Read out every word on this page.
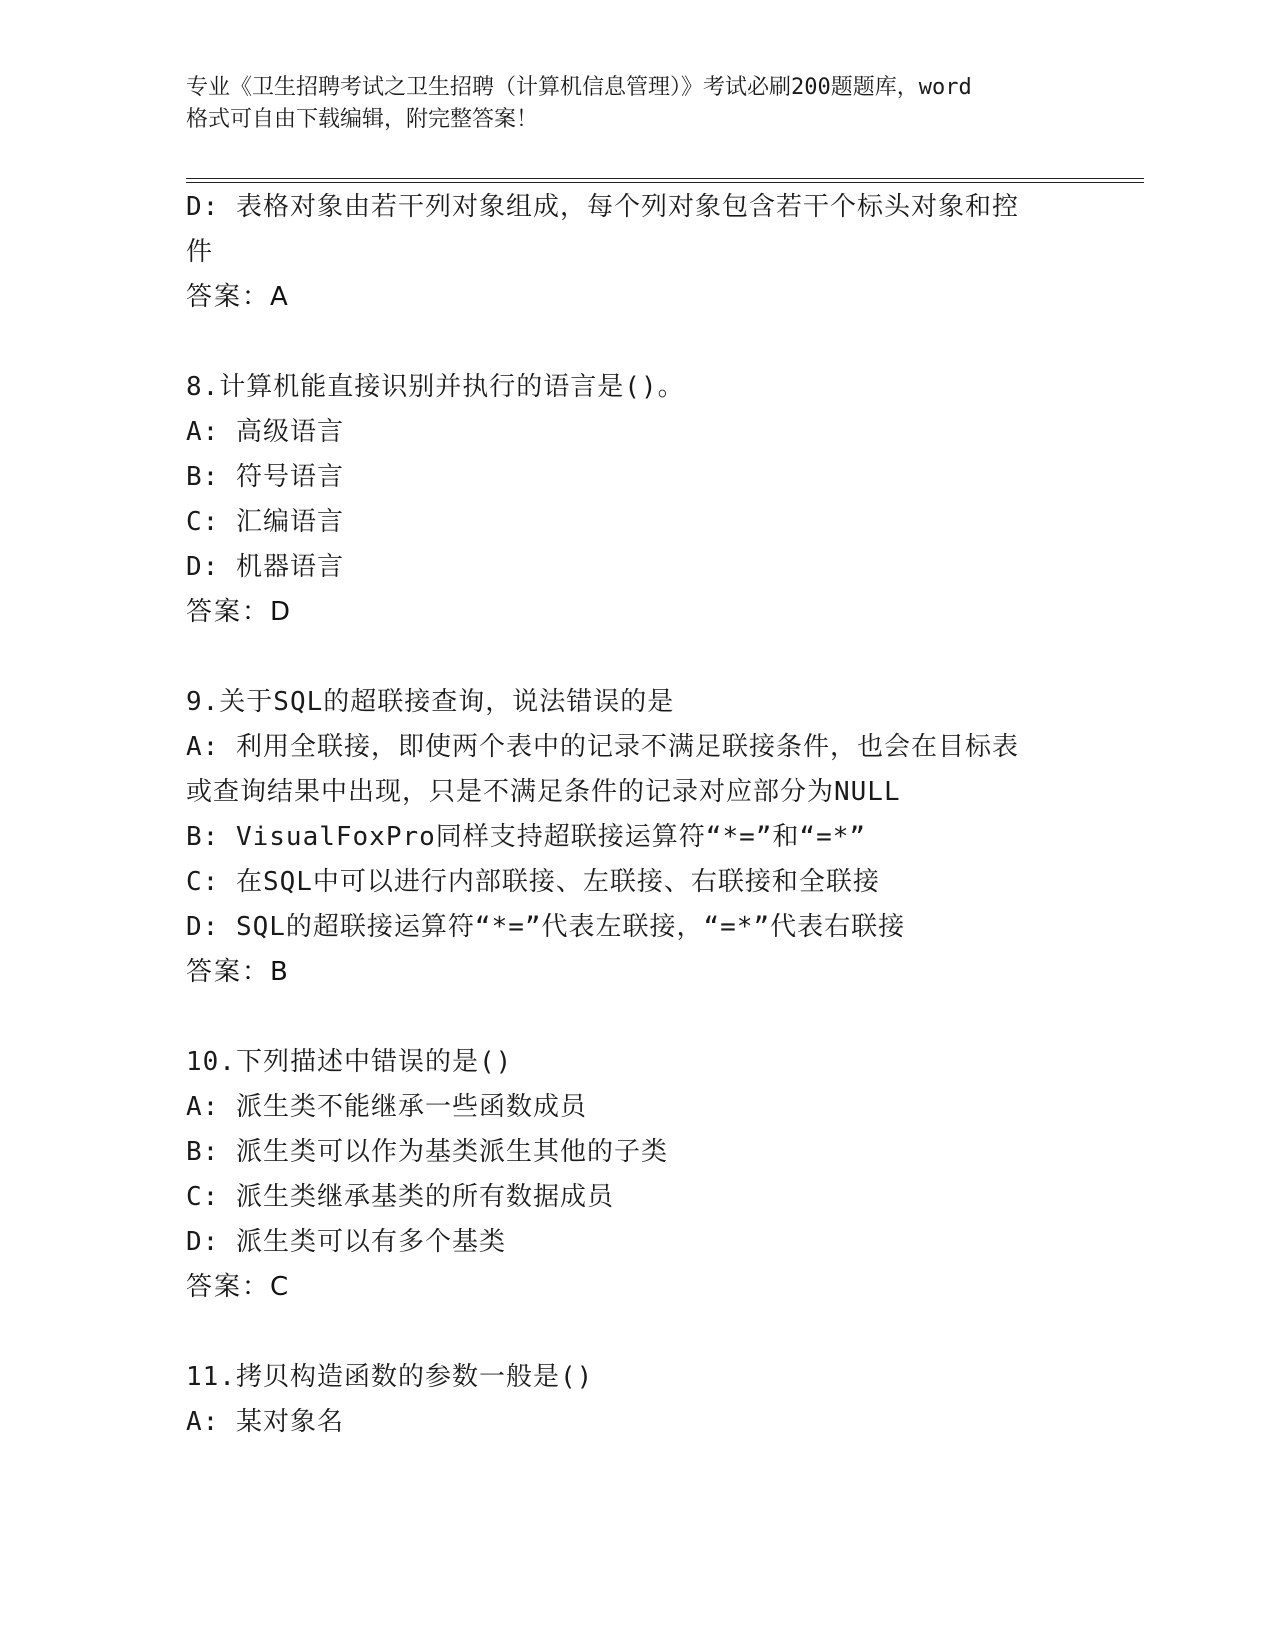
专业《卫生招聘考试之卫生招聘（计算机信息管理）》考试必刷200题题库，word
格式可自由下载编辑，附完整答案！
D: 表格对象由若干列对象组成，每个列对象包含若干个标头对象和控
件
答案：A
8.计算机能直接识别并执行的语言是()。
A: 高级语言
B: 符号语言
C: 汇编语言
D: 机器语言
答案：D
9.关于SQL的超联接查询，说法错误的是
A: 利用全联接，即使两个表中的记录不满足联接条件，也会在目标表
或查询结果中出现，只是不满足条件的记录对应部分为NULL
B: VisualFoxPro同样支持超联接运算符“*=”和“=*”
C: 在SQL中可以进行内部联接、左联接、右联接和全联接
D: SQL的超联接运算符“*=”代表左联接，“=*”代表右联接
答案：B
10.下列描述中错误的是()
A: 派生类不能继承一些函数成员
B: 派生类可以作为基类派生其他的子类
C: 派生类继承基类的所有数据成员
D: 派生类可以有多个基类
答案：C
11.拷贝构造函数的参数一般是()
A: 某对象名
